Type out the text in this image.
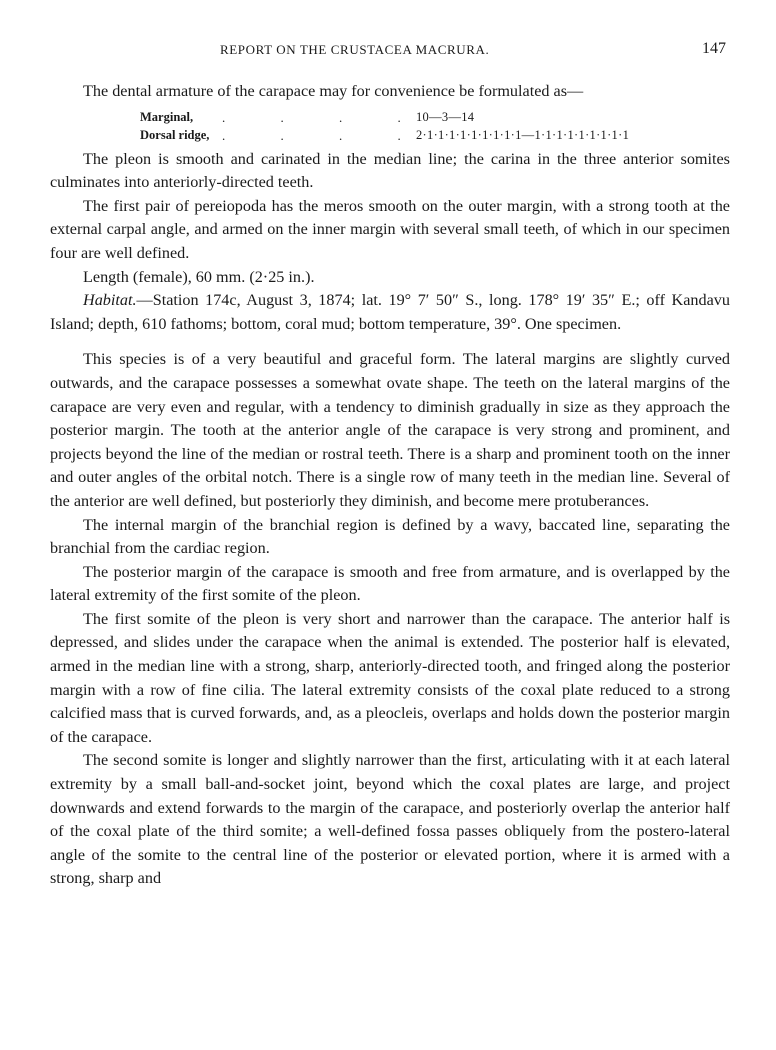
REPORT ON THE CRUSTACEA MACRURA.	147

The dental armature of the carapace may for convenience be formulated as—

Marginal, . . . .
10—3—14
Dorsal ridge, . . . .
2·1·1·1·1·1·1·1·1·1—1·1·1·1·1·1·1·1·1

The pleon is smooth and carinated in the median line; the carina in the three anterior somites culminates into anteriorly-directed teeth.

The first pair of pereiopoda has the meros smooth on the outer margin, with a strong tooth at the external carpal angle, and armed on the inner margin with several small teeth, of which in our specimen four are well defined.

Length (female), 60 mm. (2·25 in.).

Habitat.—Station 174c, August 3, 1874; lat. 19° 7′ 50″ S., long. 178° 19′ 35″ E.; off Kandavu Island; depth, 610 fathoms; bottom, coral mud; bottom temperature, 39°. One specimen.

This species is of a very beautiful and graceful form. The lateral margins are slightly curved outwards, and the carapace possesses a somewhat ovate shape. The teeth on the lateral margins of the carapace are very even and regular, with a tendency to diminish gradually in size as they approach the posterior margin. The tooth at the anterior angle of the carapace is very strong and prominent, and projects beyond the line of the median or rostral teeth. There is a sharp and prominent tooth on the inner and outer angles of the orbital notch. There is a single row of many teeth in the median line. Several of the anterior are well defined, but posteriorly they diminish, and become mere protuberances.

The internal margin of the branchial region is defined by a wavy, baccated line, separating the branchial from the cardiac region.

The posterior margin of the carapace is smooth and free from armature, and is overlapped by the lateral extremity of the first somite of the pleon.

The first somite of the pleon is very short and narrower than the carapace. The anterior half is depressed, and slides under the carapace when the animal is extended. The posterior half is elevated, armed in the median line with a strong, sharp, anteriorly-directed tooth, and fringed along the posterior margin with a row of fine cilia. The lateral extremity consists of the coxal plate reduced to a strong calcified mass that is curved forwards, and, as a pleocleis, overlaps and holds down the posterior margin of the carapace.

The second somite is longer and slightly narrower than the first, articulating with it at each lateral extremity by a small ball-and-socket joint, beyond which the coxal plates are large, and project downwards and extend forwards to the margin of the carapace, and posteriorly overlap the anterior half of the coxal plate of the third somite; a well-defined fossa passes obliquely from the postero-lateral angle of the somite to the central line of the posterior or elevated portion, where it is armed with a strong, sharp and
